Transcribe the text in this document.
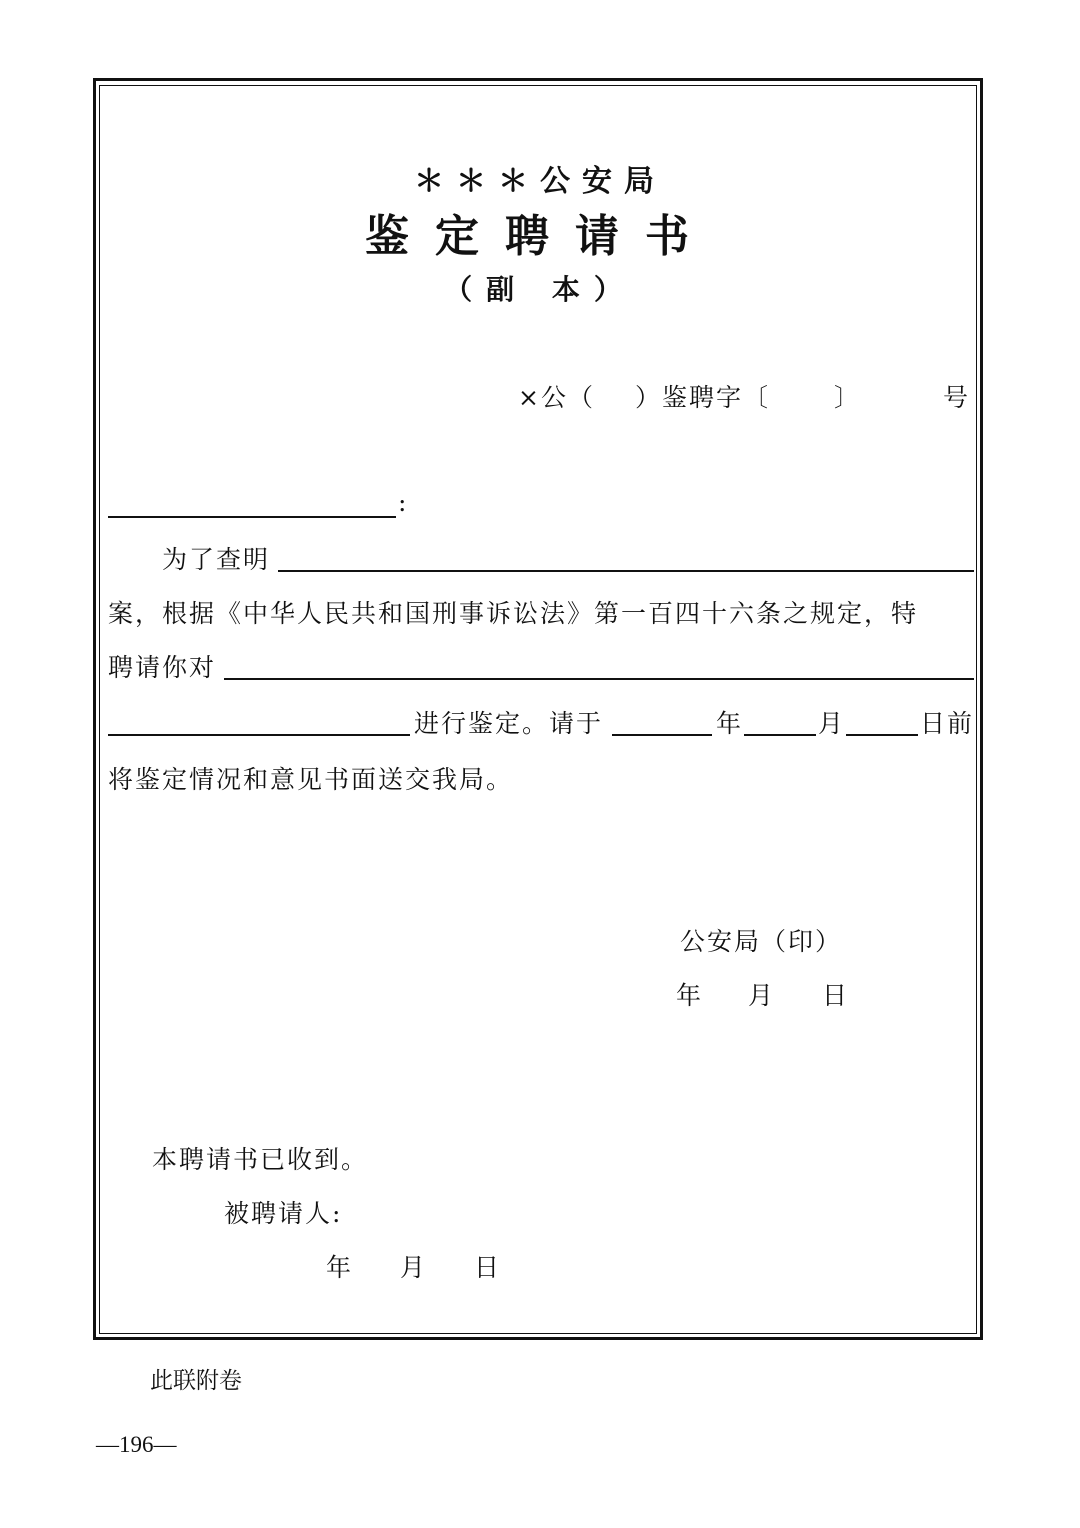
＊＊＊公安局
鉴定聘请书
（副 本）
×公（ ）鉴聘字〔	〕	号
:
为了查明
案，根据《中华人民共和国刑事诉讼法》第一百四十六条之规定，特
聘请你对
进行鉴定。请于	年	月	日前
将鉴定情况和意见书面送交我局。
公安局（印）
年 月 日
本聘请书已收到。
被聘请人:
年 月 日
此联附卷
—196—
